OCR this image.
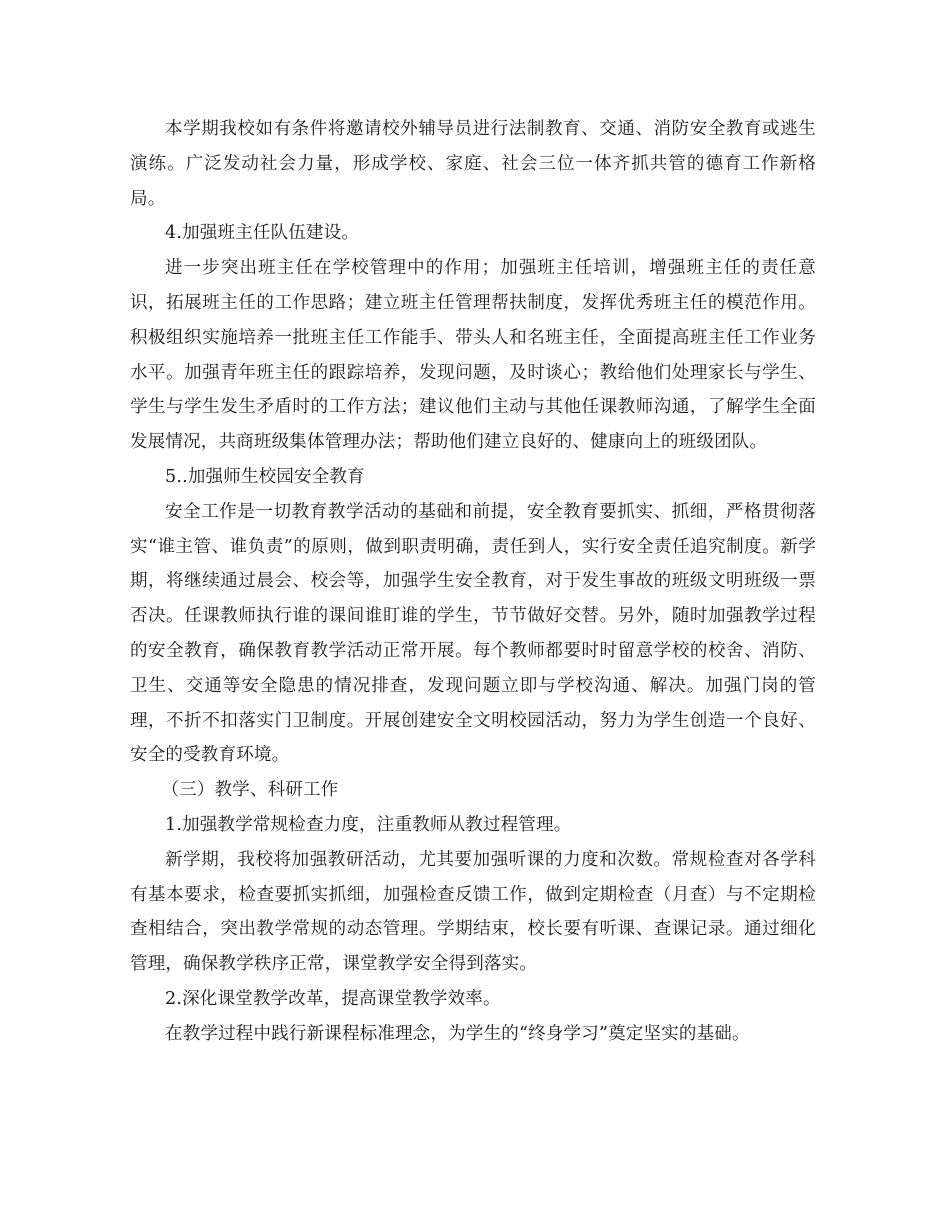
本学期我校如有条件将邀请校外辅导员进行法制教育、交通、消防安全教育或逃生演练。广泛发动社会力量，形成学校、家庭、社会三位一体齐抓共管的德育工作新格局。

4.加强班主任队伍建设。

进一步突出班主任在学校管理中的作用；加强班主任培训，增强班主任的责任意识，拓展班主任的工作思路；建立班主任管理帮扶制度，发挥优秀班主任的模范作用。积极组织实施培养一批班主任工作能手、带头人和名班主任，全面提高班主任工作业务水平。加强青年班主任的跟踪培养，发现问题，及时谈心；教给他们处理家长与学生、学生与学生发生矛盾时的工作方法；建议他们主动与其他任课教师沟通，了解学生全面发展情况，共商班级集体管理办法；帮助他们建立良好的、健康向上的班级团队。

5..加强师生校园安全教育

安全工作是一切教育教学活动的基础和前提，安全教育要抓实、抓细，严格贯彻落实“谁主管、谁负责”的原则，做到职责明确，责任到人，实行安全责任追究制度。新学期，将继续通过晨会、校会等，加强学生安全教育，对于发生事故的班级文明班级一票否决。任课教师执行谁的课间谁盯谁的学生，节节做好交替。另外，随时加强教学过程的安全教育，确保教育教学活动正常开展。每个教师都要时时留意学校的校舍、消防、卫生、交通等安全隐患的情况排查，发现问题立即与学校沟通、解决。加强门岗的管理，不折不扣落实门卫制度。开展创建安全文明校园活动，努力为学生创造一个良好、安全的受教育环境。

（三）教学、科研工作

1.加强教学常规检查力度，注重教师从教过程管理。

新学期，我校将加强教研活动，尤其要加强听课的力度和次数。常规检查对各学科有基本要求，检查要抓实抓细，加强检查反馈工作，做到定期检查（月查）与不定期检查相结合，突出教学常规的动态管理。学期结束，校长要有听课、查课记录。通过细化管理，确保教学秩序正常，课堂教学安全得到落实。

2.深化课堂教学改革，提高课堂教学效率。

在教学过程中践行新课程标准理念，为学生的“终身学习”奠定坚实的基础。
